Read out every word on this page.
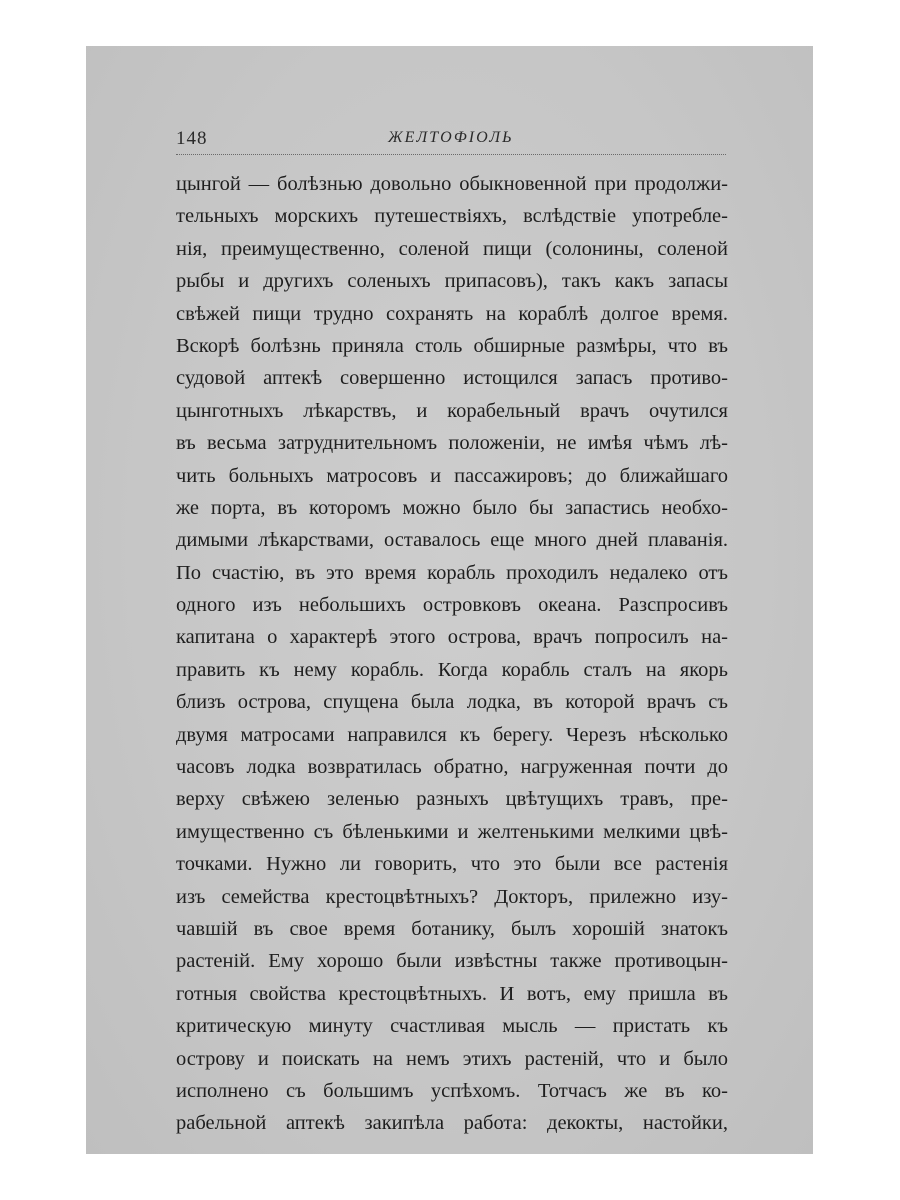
148	ЖЕЛТОФІОЛЬ
цынгой — болѣзнью довольно обыкновенной при продолжи-
тельныхъ морскихъ путешествіяхъ, вслѣдствіе употребле-
нія, преимущественно, соленой пищи (солонины, соленой
рыбы и другихъ соленыхъ припасовъ), такъ какъ запасы
свѣжей пищи трудно сохранять на кораблѣ долгое время.
Вскорѣ болѣзнь приняла столь обширные размѣры, что въ
судовой аптекѣ совершенно истощился запасъ противо-
цынготныхъ лѣкарствъ, и корабельный врачъ очутился
въ весьма затруднительномъ положеніи, не имѣя чѣмъ лѣ-
чить больныхъ матросовъ и пассажировъ; до ближайшаго
же порта, въ которомъ можно было бы запастись необхо-
димыми лѣкарствами, оставалось еще много дней плаванія.
По счастію, въ это время корабль проходилъ недалеко отъ
одного изъ небольшихъ островковъ океана. Разспросивъ
капитана о характерѣ этого острова, врачъ попросилъ на-
править къ нему корабль. Когда корабль сталъ на якорь
близъ острова, спущена была лодка, въ которой врачъ съ
двумя матросами направился къ берегу. Черезъ нѣсколько
часовъ лодка возвратилась обратно, нагруженная почти до
верху свѣжею зеленью разныхъ цвѣтущихъ травъ, пре-
имущественно съ бѣленькими и желтенькими мелкими цвѣ-
точками. Нужно ли говорить, что это были все растенія
изъ семейства крестоцвѣтныхъ? Докторъ, прилежно изу-
чавшій въ свое время ботанику, былъ хорошій знатокъ
растеній. Ему хорошо были извѣстны также противоцын-
готныя свойства крестоцвѣтныхъ. И вотъ, ему пришла въ
критическую минуту счастливая мысль — пристать къ
острову и поискать на немъ этихъ растеній, что и было
исполнено съ большимъ успѣхомъ. Тотчасъ же въ ко-
рабельной аптекѣ закипѣла работа: декокты, настойки,
